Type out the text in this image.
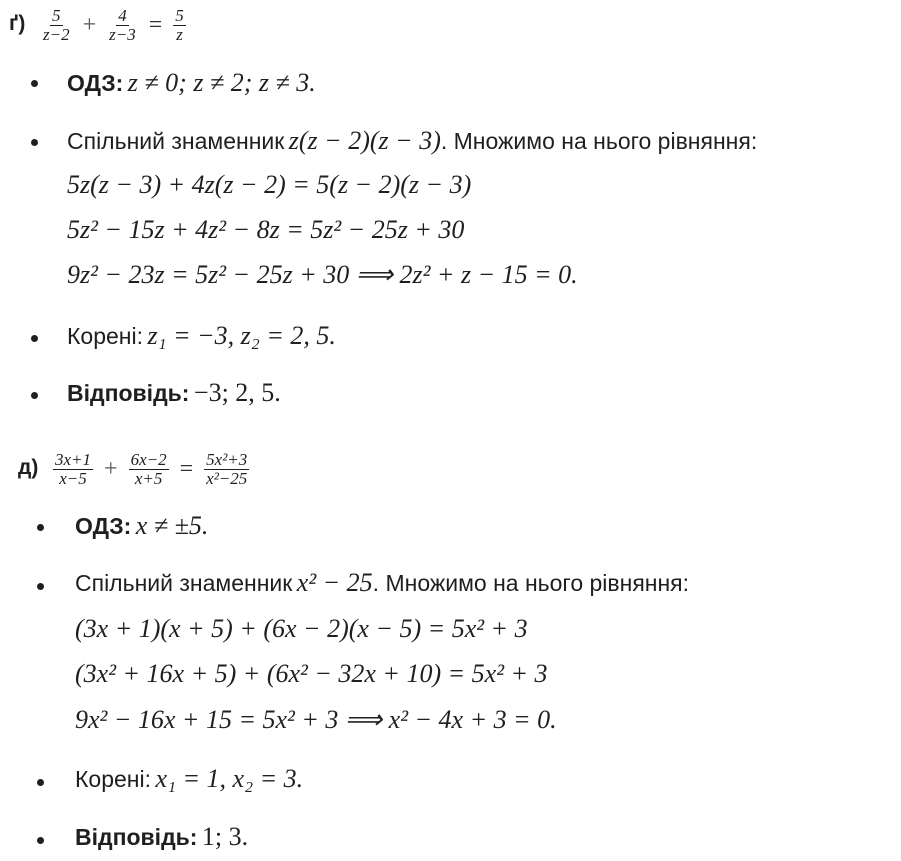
$ґ) \frac{5}{z-2} + \frac{4}{z-3} = \frac{5}{z}$
ОДЗ: z ≠ 0; z ≠ 2; z ≠ 3.
Спільний знаменник z(z − 2)(z − 3). Множимо на нього рівняння:
5z(z − 3) + 4z(z − 2) = 5(z − 2)(z − 3)
5z² − 15z + 4z² − 8z = 5z² − 25z + 30
9z² − 23z = 5z² − 25z + 30 ⟹ 2z² + z − 15 = 0.
Корені: z₁ = −3, z₂ = 2, 5.
Відповідь: −3; 2, 5.
$д) \frac{3x+1}{x-5} + \frac{6x-2}{x+5} = \frac{\text{5x²+3}}{\text{x²−25}}$
ОДЗ: x ≠ ±5.
Спільний знаменник x² − 25. Множимо на нього рівняння:
(3x + 1)(x + 5) + (6x − 2)(x − 5) = 5x² + 3
(3x² + 16x + 5) + (6x² − 32x + 10) = 5x² + 3
9x² − 16x + 15 = 5x² + 3 ⟹ x² − 4x + 3 = 0.
Корені: x₁ = 1, x₂ = 3.
Відповідь: 1; 3.
